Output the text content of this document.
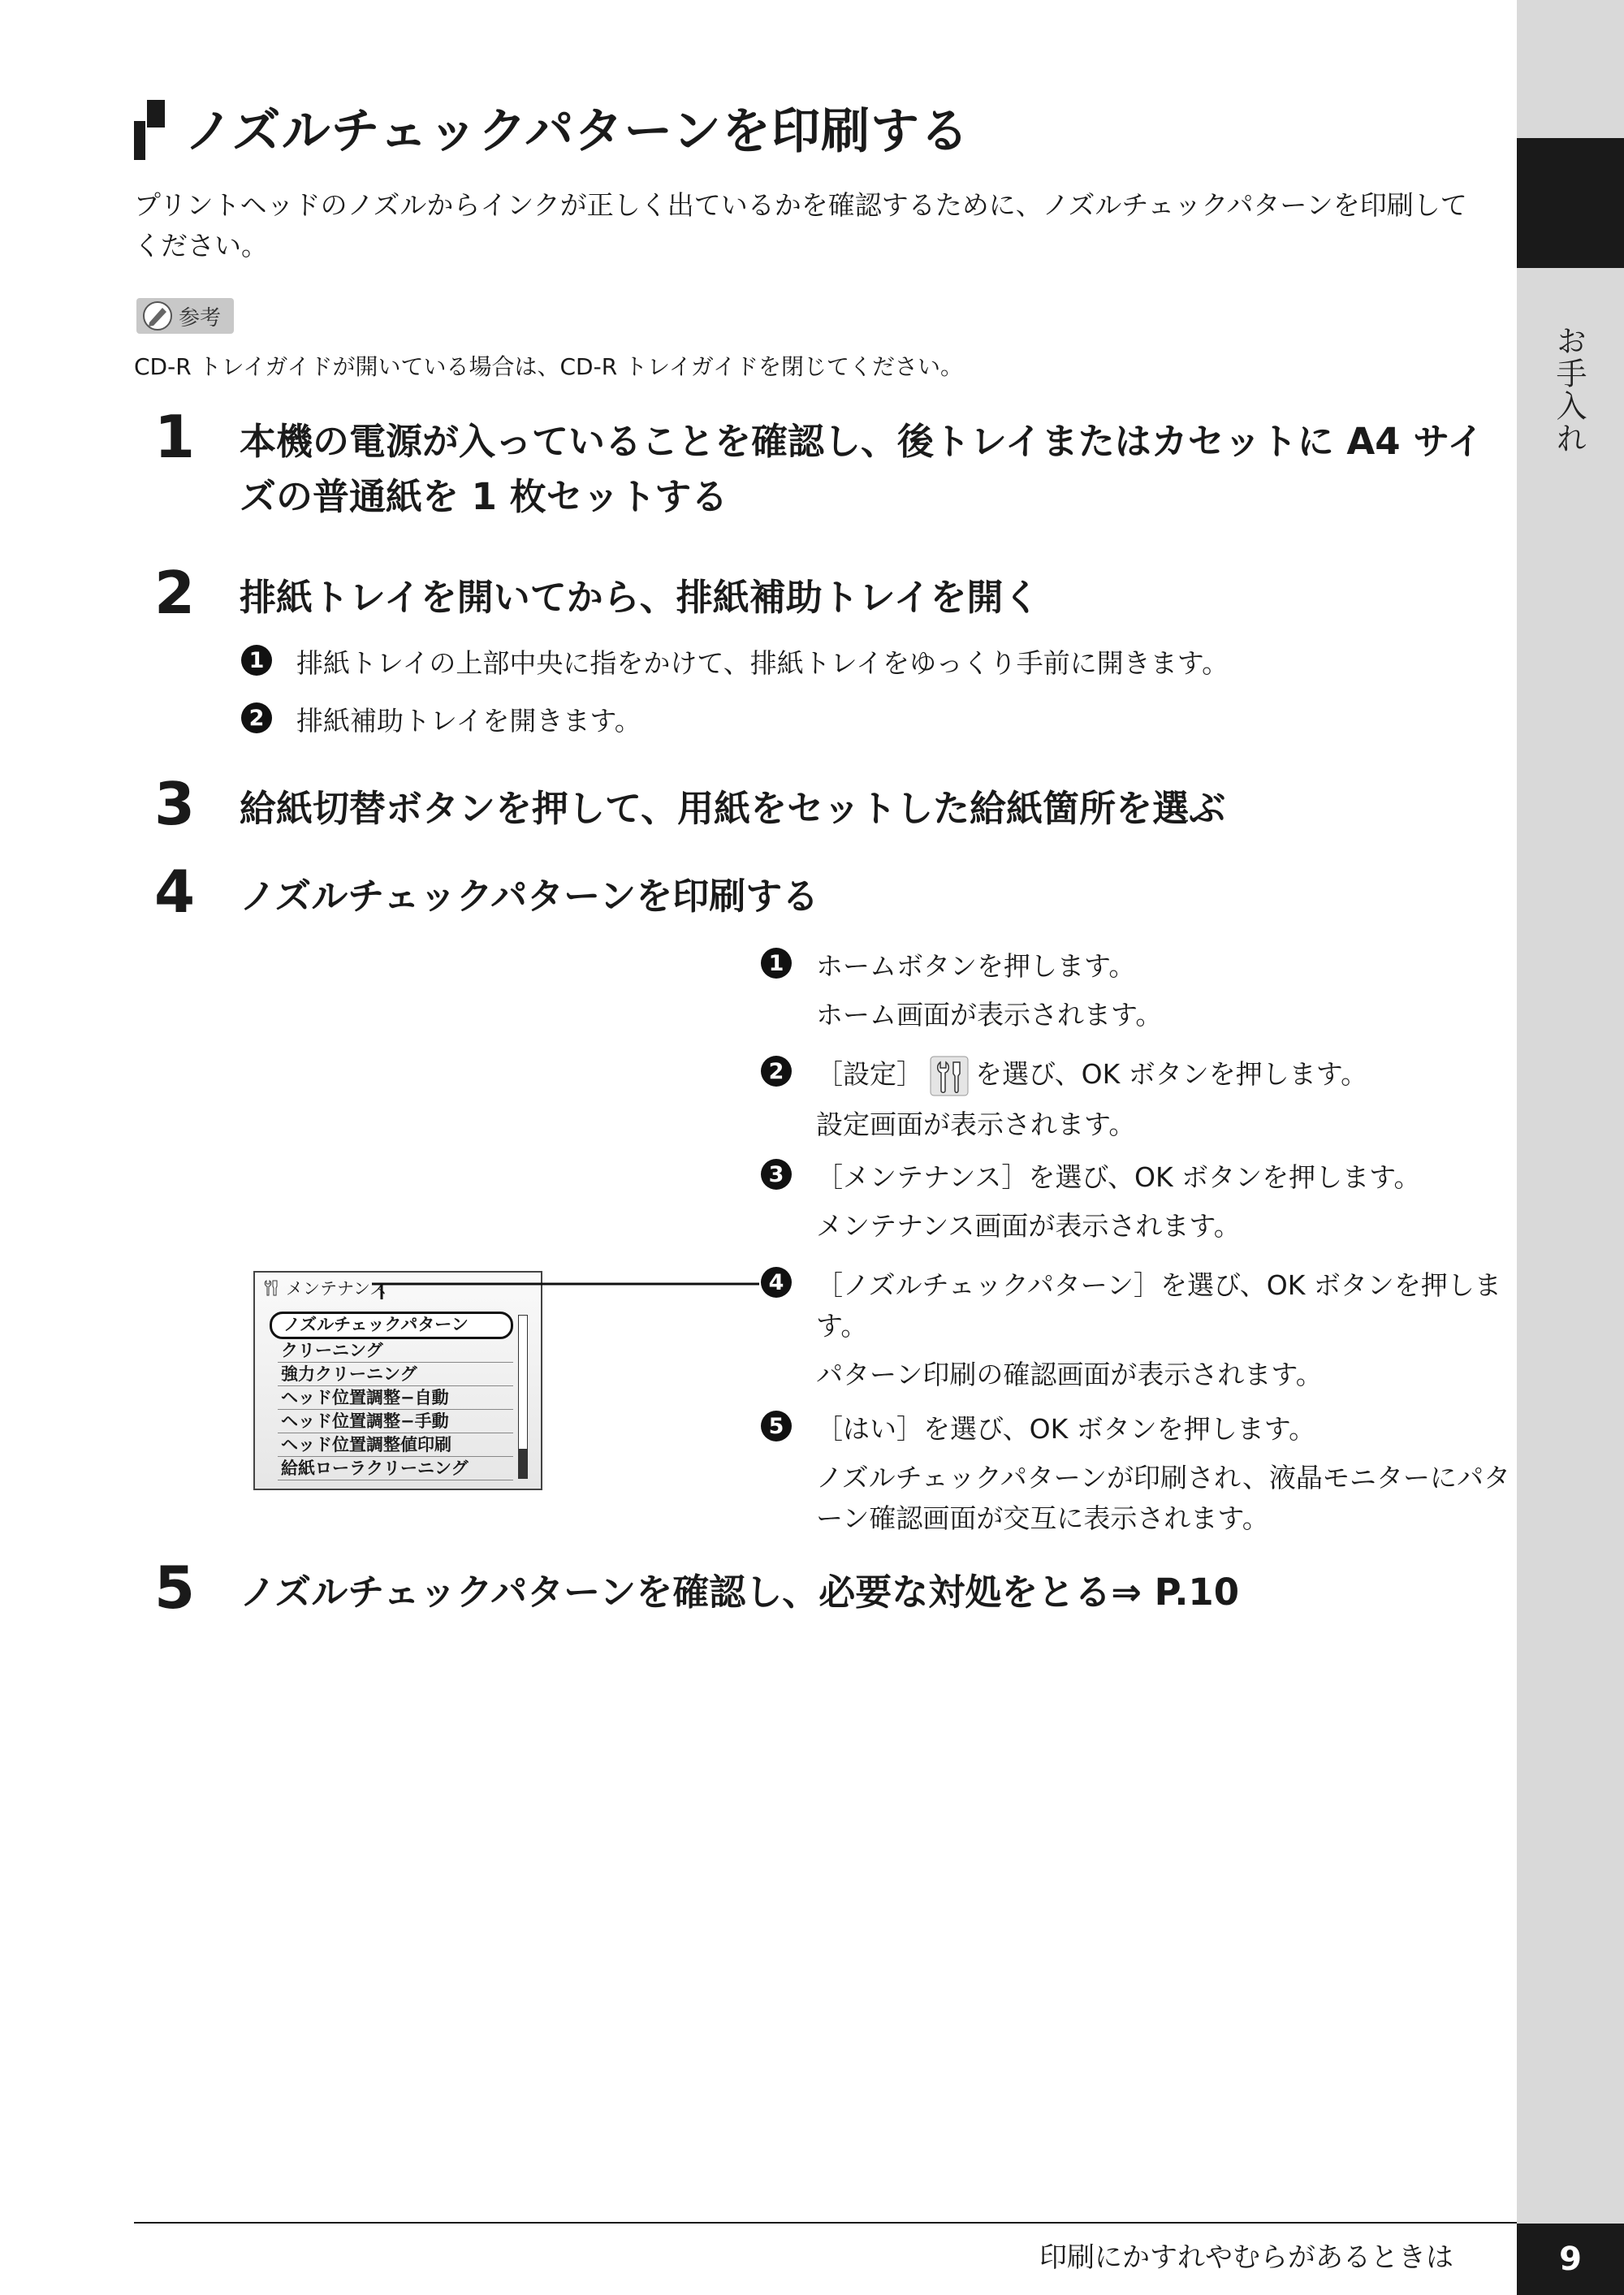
お手入れ
ノズルチェックパターンを印刷する
プリントヘッドのノズルからインクが正しく出ているかを確認するために、ノズルチェックパターンを印刷してください。
参考
CD-R トレイガイドが開いている場合は、CD-R トレイガイドを閉じてください。
1 本機の電源が入っていることを確認し、後トレイまたはカセットに A4 サイズの普通紙を 1 枚セットする
2 排紙トレイを開いてから、排紙補助トレイを開く
1 排紙トレイの上部中央に指をかけて、排紙トレイをゆっくり手前に開きます。
2 排紙補助トレイを開きます。
3 給紙切替ボタンを押して、用紙をセットした給紙箇所を選ぶ
4 ノズルチェックパターンを印刷する
1 ホームボタンを押します。
ホーム画面が表示されます。
2 ［設定］ を選び、OK ボタンを押します。
設定画面が表示されます。
3 ［メンテナンス］を選び、OK ボタンを押します。
メンテナンス画面が表示されます。
4 ［ノズルチェックパターン］を選び、OK ボタンを押します。
パターン印刷の確認画面が表示されます。
5 ［はい］を選び、OK ボタンを押します。
ノズルチェックパターンが印刷され、液晶モニターにパターン確認画面が交互に表示されます。
メンテナンス
ノズルチェックパターン
クリーニング
強力クリーニング
ヘッド位置調整−自動
ヘッド位置調整−手動
ヘッド位置調整値印刷
給紙ローラクリーニング
5 ノズルチェックパターンを確認し、必要な対処をとる⇒ P.10
印刷にかすれやむらがあるときは	9
